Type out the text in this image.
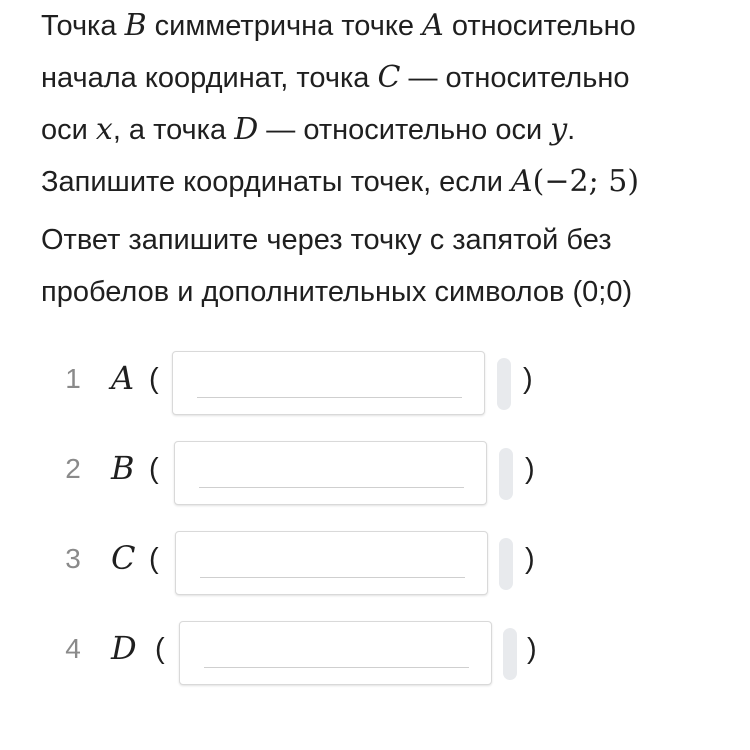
Точка B симметрична точке A относительно

начала координат, точка C — относительно

оси x, а точка D — относительно оси y.

Запишите координаты точек, если A(−2; 5)

Ответ запишите через точку с запятой без

пробелов и дополнительных символов (0;0)

1 A (	)
2 B (	)
3 C (	)
4 D (	)
